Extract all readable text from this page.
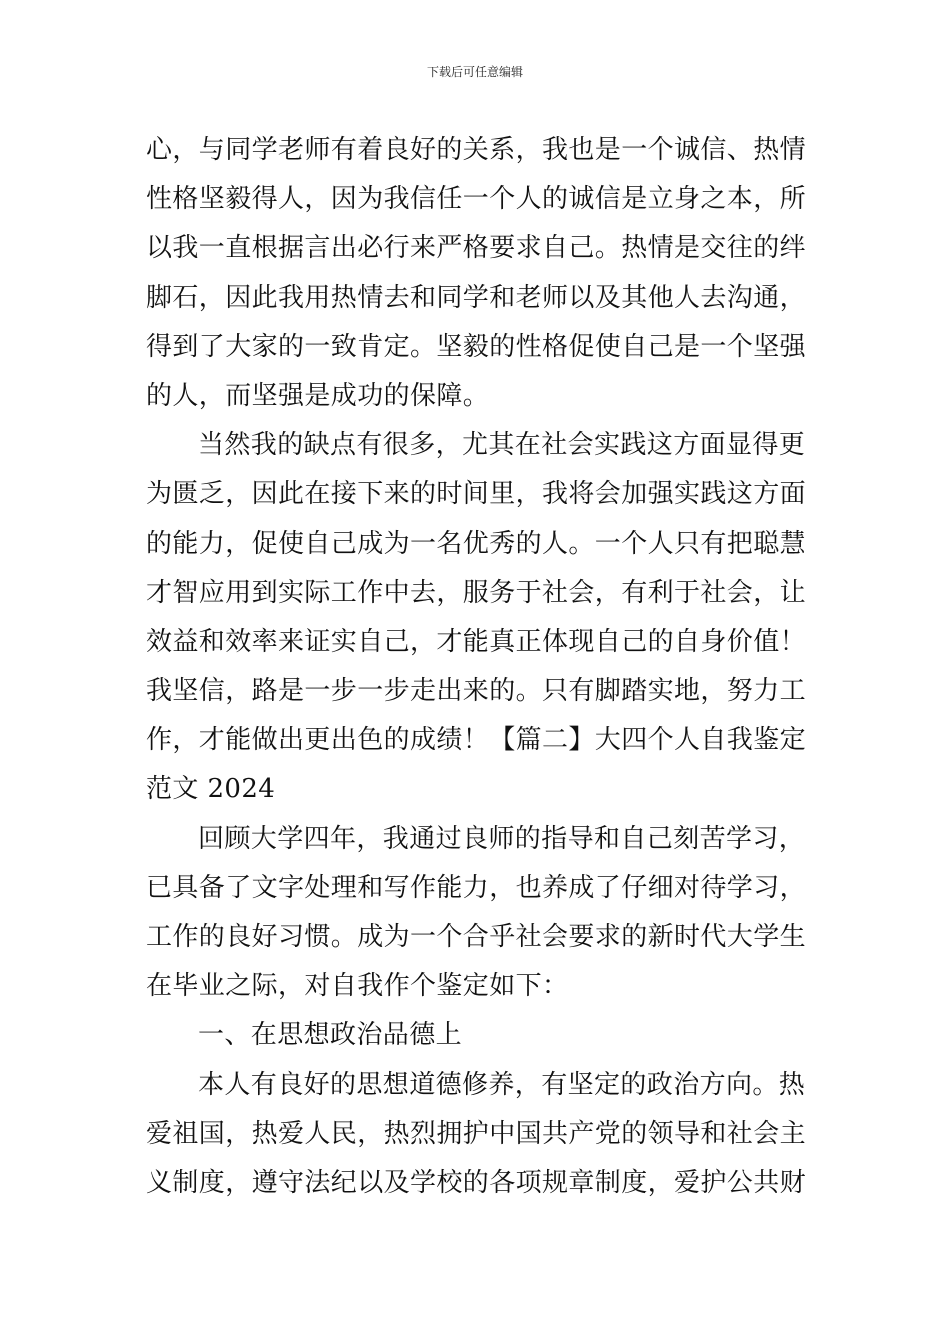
下载后可任意编辑
心，与同学老师有着良好的关系，我也是一个诚信、热情
性格坚毅得人，因为我信任一个人的诚信是立身之本，所
以我一直根据言出必行来严格要求自己。热情是交往的绊
脚石，因此我用热情去和同学和老师以及其他人去沟通，
得到了大家的一致肯定。坚毅的性格促使自己是一个坚强
的人，而坚强是成功的保障。
当然我的缺点有很多，尤其在社会实践这方面显得更
为匮乏，因此在接下来的时间里，我将会加强实践这方面
的能力，促使自己成为一名优秀的人。一个人只有把聪慧
才智应用到实际工作中去，服务于社会，有利于社会，让
效益和效率来证实自己，才能真正体现自己的自身价值！
我坚信，路是一步一步走出来的。只有脚踏实地，努力工
作，才能做出更出色的成绩！【篇二】大四个人自我鉴定
范文 2024
回顾大学四年，我通过良师的指导和自己刻苦学习，
已具备了文字处理和写作能力，也养成了仔细对待学习，
工作的良好习惯。成为一个合乎社会要求的新时代大学生
在毕业之际，对自我作个鉴定如下：
一、在思想政治品德上
本人有良好的思想道德修养，有坚定的政治方向。热
爱祖国，热爱人民，热烈拥护中国共产党的领导和社会主
义制度，遵守法纪以及学校的各项规章制度，爱护公共财
